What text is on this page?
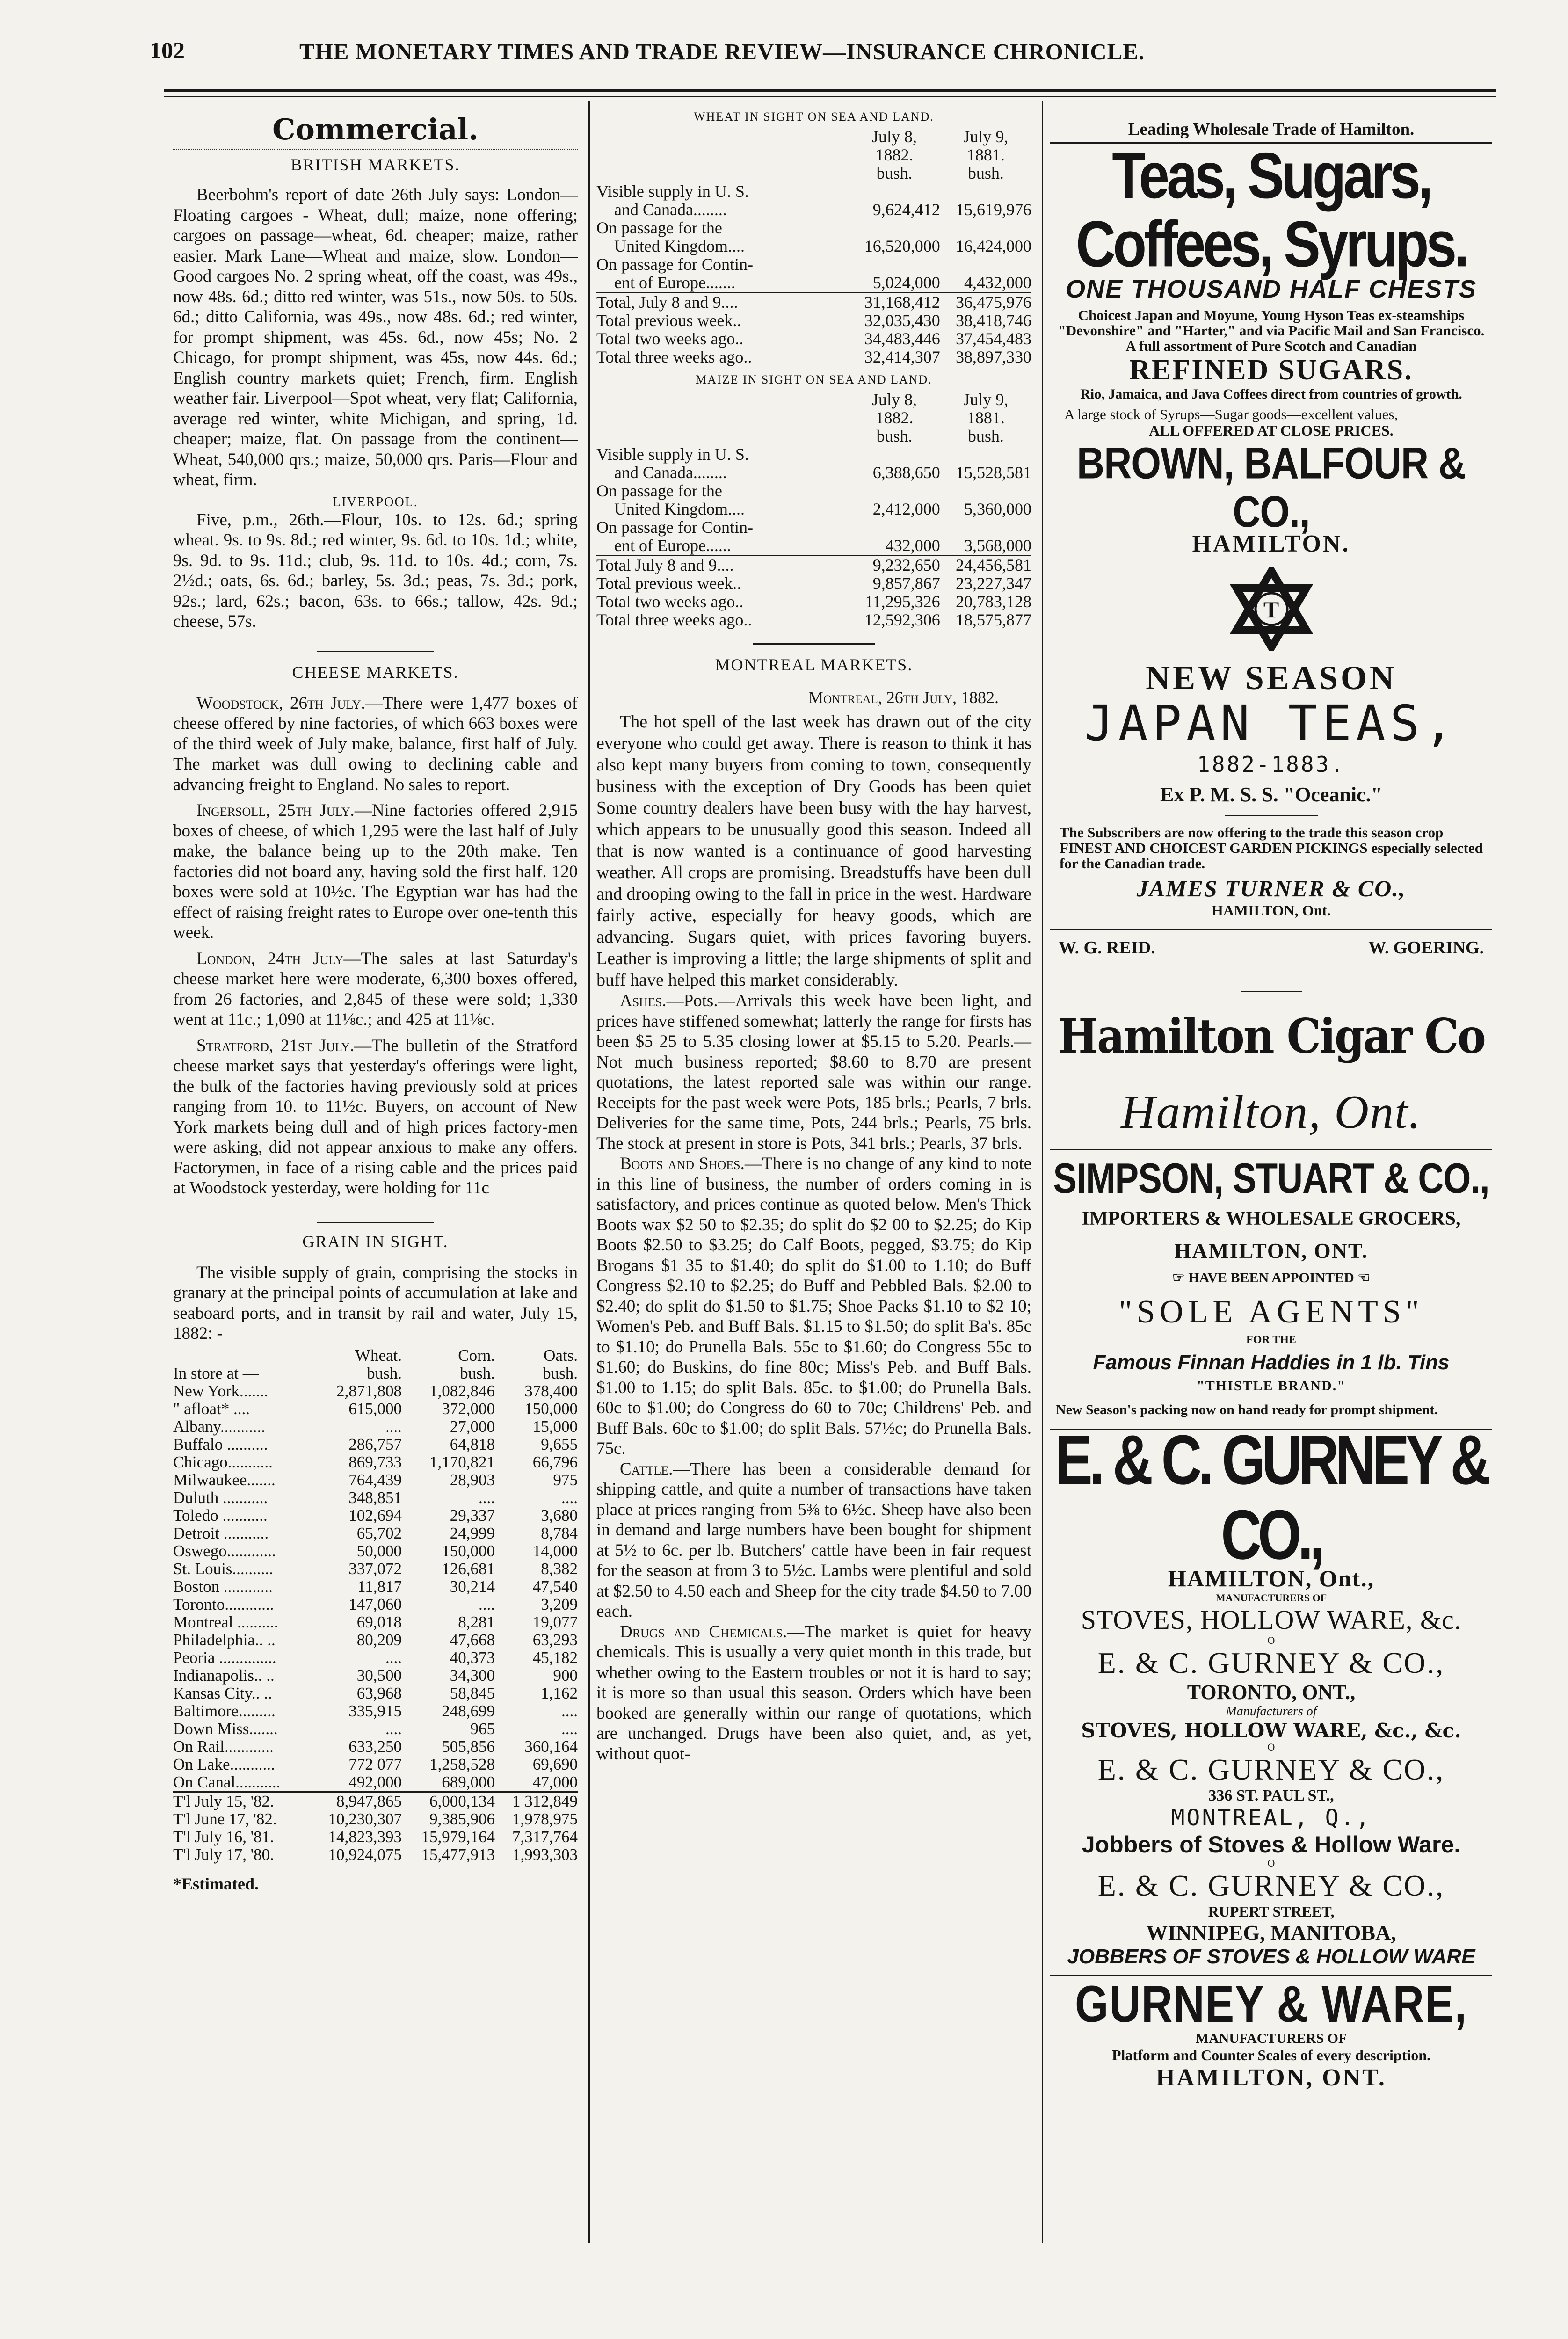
102	THE MONETARY TIMES AND TRADE REVIEW—INSURANCE CHRONICLE.

Commercial.

BRITISH MARKETS.

Beerbohm's report of date 26th July says: London—Floating cargoes - Wheat, dull; maize, none offering; cargoes on passage—wheat, 6d. cheaper; maize, rather easier. Mark Lane—Wheat and maize, slow. London—Good cargoes No. 2 spring wheat, off the coast, was 49s., now 48s. 6d.; ditto red winter, was 51s., now 50s. to 50s. 6d.; ditto California, was 49s., now 48s. 6d.; red winter, for prompt shipment, was 45s. 6d., now 45s; No. 2 Chicago, for prompt shipment, was 45s, now 44s. 6d.; English country markets quiet; French, firm. English weather fair. Liverpool—Spot wheat, very flat; California, average red winter, white Michigan, and spring, 1d. cheaper; maize, flat. On passage from the continent—Wheat, 540,000 qrs.; maize, 50,000 qrs. Paris—Flour and wheat, firm.

LIVERPOOL.

Five, p.m., 26th.—Flour, 10s. to 12s. 6d.; spring wheat. 9s. to 9s. 8d.; red winter, 9s. 6d. to 10s. 1d.; white, 9s. 9d. to 9s. 11d.; club, 9s. 11d. to 10s. 4d.; corn, 7s. 2½d.; oats, 6s. 6d.; barley, 5s. 3d.; peas, 7s. 3d.; pork, 92s.; lard, 62s.; bacon, 63s. to 66s.; tallow, 42s. 9d.; cheese, 57s.

CHEESE MARKETS.

Woodstock, 26th July.—There were 1,477 boxes of cheese offered by nine factories, of which 663 boxes were of the third week of July make, balance, first half of July. The market was dull owing to declining cable and advancing freight to England. No sales to report.

Ingersoll, 25th July.—Nine factories offered 2,915 boxes of cheese, of which 1,295 were the last half of July make, the balance being up to the 20th make. Ten factories did not board any, having sold the first half. 120 boxes were sold at 10½c. The Egyptian war has had the effect of raising freight rates to Europe over one-tenth this week.

London, 24th July—The sales at last Saturday's cheese market here were moderate, 6,300 boxes offered, from 26 factories, and 2,845 of these were sold; 1,330 went at 11c.; 1,090 at 11⅛c.; and 425 at 11⅛c.

Stratford, 21st July.—The bulletin of the Stratford cheese market says that yesterday's offerings were light, the bulk of the factories having previously sold at prices ranging from 10. to 11½c. Buyers, on account of New York markets being dull and of high prices factory-men were asking, did not appear anxious to make any offers. Factorymen, in face of a rising cable and the prices paid at Woodstock yesterday, were holding for 11c

GRAIN IN SIGHT.

The visible supply of grain, comprising the stocks in granary at the principal points of accumulation at lake and seaboard ports, and in transit by rail and water, July 15, 1882: -

	Wheat.	Corn.	Oats.
In store at —	bush.	bush.	bush.
New York.......	2,871,808	1,082,846	378,400
" afloat* ....	615,000	372,000	150,000
Albany...........	....	27,000	15,000
Buffalo ..........	286,757	64,818	9,655
Chicago...........	869,733	1,170,821	66,796
Milwaukee.......	764,439	28,903	975
Duluth ...........	348,851	....	....
Toledo ...........	102,694	29,337	3,680
Detroit ...........	65,702	24,999	8,784
Oswego............	50,000	150,000	14,000
St. Louis..........	337,072	126,681	8,382
Boston ............	11,817	30,214	47,540
Toronto............	147,060	....	3,209
Montreal ..........	69,018	8,281	19,077
Philadelphia.. ..	80,209	47,668	63,293
Peoria ..............	....	40,373	45,182
Indianapolis.. ..	30,500	34,300	900
Kansas City.. ..	63,968	58,845	1,162
Baltimore.........	335,915	248,699	....
Down Miss.......	....	965	....
On Rail............	633,250	505,856	360,164
On Lake...........	772 077	1,258,528	69,690
On Canal...........	492,000	689,000	47,000
T'l July 15, '82.	8,947,865	6,000,134	1 312,849
T'l June 17, '82.	10,230,307	9,385,906	1,978,975
T'l July 16, '81.	14,823,393	15,979,164	7,317,764
T'l July 17, '80.	10,924,075	15,477,913	1,993,303

*Estimated.

WHEAT IN SIGHT ON SEA AND LAND.

	July 8,	July 9,
	1882.	1881.
	bush.	bush.
Visible supply in U. S.		
and Canada........	9,624,412	15,619,976
On passage for the		
United Kingdom....	16,520,000	16,424,000
On passage for Contin-		
ent of Europe.......	5,024,000	4,432,000
Total, July 8 and 9....	31,168,412	36,475,976
Total previous week..	32,035,430	38,418,746
Total two weeks ago..	34,483,446	37,454,483
Total three weeks ago..	32,414,307	38,897,330

MAIZE IN SIGHT ON SEA AND LAND.

	July 8,	July 9,
	1882.	1881.
	bush.	bush.
Visible supply in U. S.		
and Canada........	6,388,650	15,528,581
On passage for the		
United Kingdom....	2,412,000	5,360,000
On passage for Contin-		
ent of Europe......	432,000	3,568,000
Total July 8 and 9....	9,232,650	24,456,581
Total previous week..	9,857,867	23,227,347
Total two weeks ago..	11,295,326	20,783,128
Total three weeks ago..	12,592,306	18,575,877

MONTREAL MARKETS.

Montreal, 26th July, 1882.

The hot spell of the last week has drawn out of the city everyone who could get away. There is reason to think it has also kept many buyers from coming to town, consequently business with the exception of Dry Goods has been quiet Some country dealers have been busy with the hay harvest, which appears to be unusually good this season. Indeed all that is now wanted is a continuance of good harvesting weather. All crops are promising. Breadstuffs have been dull and drooping owing to the fall in price in the west. Hardware fairly active, especially for heavy goods, which are advancing. Sugars quiet, with prices favoring buyers. Leather is improving a little; the large shipments of split and buff have helped this market considerably.

Ashes.—Pots.—Arrivals this week have been light, and prices have stiffened somewhat; latterly the range for firsts has been $5 25 to 5.35 closing lower at $5.15 to 5.20. Pearls.—Not much business reported; $8.60 to 8.70 are present quotations, the latest reported sale was within our range. Receipts for the past week were Pots, 185 brls.; Pearls, 7 brls. Deliveries for the same time, Pots, 244 brls.; Pearls, 75 brls. The stock at present in store is Pots, 341 brls.; Pearls, 37 brls.

Boots and Shoes.—There is no change of any kind to note in this line of business, the number of orders coming in is satisfactory, and prices continue as quoted below. Men's Thick Boots wax $2 50 to $2.35; do split do $2 00 to $2.25; do Kip Boots $2.50 to $3.25; do Calf Boots, pegged, $3.75; do Kip Brogans $1 35 to $1.40; do split do $1.00 to 1.10; do Buff Congress $2.10 to $2.25; do Buff and Pebbled Bals. $2.00 to $2.40; do split do $1.50 to $1.75; Shoe Packs $1.10 to $2 10; Women's Peb. and Buff Bals. $1.15 to $1.50; do split Ba's. 85c to $1.10; do Prunella Bals. 55c to $1.60; do Congress 55c to $1.60; do Buskins, do fine 80c; Miss's Peb. and Buff Bals. $1.00 to 1.15; do split Bals. 85c. to $1.00; do Prunella Bals. 60c to $1.00; do Congress do 60 to 70c; Childrens' Peb. and Buff Bals. 60c to $1.00; do split Bals. 57½c; do Prunella Bals. 75c.

Cattle.—There has been a considerable demand for shipping cattle, and quite a number of transactions have taken place at prices ranging from 5⅜ to 6½c. Sheep have also been in demand and large numbers have been bought for shipment at 5½ to 6c. per lb. Butchers' cattle have been in fair request for the season at from 3 to 5½c. Lambs were plentiful and sold at $2.50 to 4.50 each and Sheep for the city trade $4.50 to 7.00 each.

Drugs and Chemicals.—The market is quiet for heavy chemicals. This is usually a very quiet month in this trade, but whether owing to the Eastern troubles or not it is hard to say; it is more so than usual this season. Orders which have been booked are generally within our range of quotations, which are unchanged. Drugs have been also quiet, and, as yet, without quot-

Leading Wholesale Trade of Hamilton.

Teas, Sugars, Coffees, Syrups.

ONE THOUSAND HALF CHESTS

Choicest Japan and Moyune, Young Hyson Teas ex-steamships "Devonshire" and "Harter," and via Pacific Mail and San Francisco.

A full assortment of Pure Scotch and Canadian

REFINED SUGARS.

Rio, Jamaica, and Java Coffees direct from countries of growth.

A large stock of Syrups—Sugar goods—excellent values,

ALL OFFERED AT CLOSE PRICES.

BROWN, BALFOUR & CO.,

HAMILTON.

T

NEW SEASON

JAPAN TEAS,

1882-1883.

Ex P. M. S. S. "Oceanic."

The Subscribers are now offering to the trade this season crop FINEST AND CHOICEST GARDEN PICKINGS especially selected for the Canadian trade.

JAMES TURNER & CO.,

HAMILTON, Ont.

W. G. REID.	W. GOERING.

Hamilton Cigar Co

Hamilton, Ont.

SIMPSON, STUART & CO.,

IMPORTERS & WHOLESALE GROCERS,

HAMILTON, ONT.

☞ HAVE BEEN APPOINTED ☜

"SOLE AGENTS"

FOR THE

Famous Finnan Haddies in 1 lb. Tins

"THISTLE BRAND."

New Season's packing now on hand ready for prompt shipment.

E. & C. GURNEY & CO.,

HAMILTON, Ont.,

MANUFACTURERS OF

STOVES, HOLLOW WARE, &c.

O

E. & C. GURNEY & CO.,

TORONTO, ONT.,

Manufacturers of

STOVES, HOLLOW WARE, &c., &c.

O

E. & C. GURNEY & CO.,

336 ST. PAUL ST.,

MONTREAL, Q.,

Jobbers of Stoves & Hollow Ware.

O

E. & C. GURNEY & CO.,

RUPERT STREET,

WINNIPEG, MANITOBA,

JOBBERS OF STOVES & HOLLOW WARE

GURNEY & WARE,

MANUFACTURERS OF

Platform and Counter Scales of every description.

HAMILTON, ONT.
